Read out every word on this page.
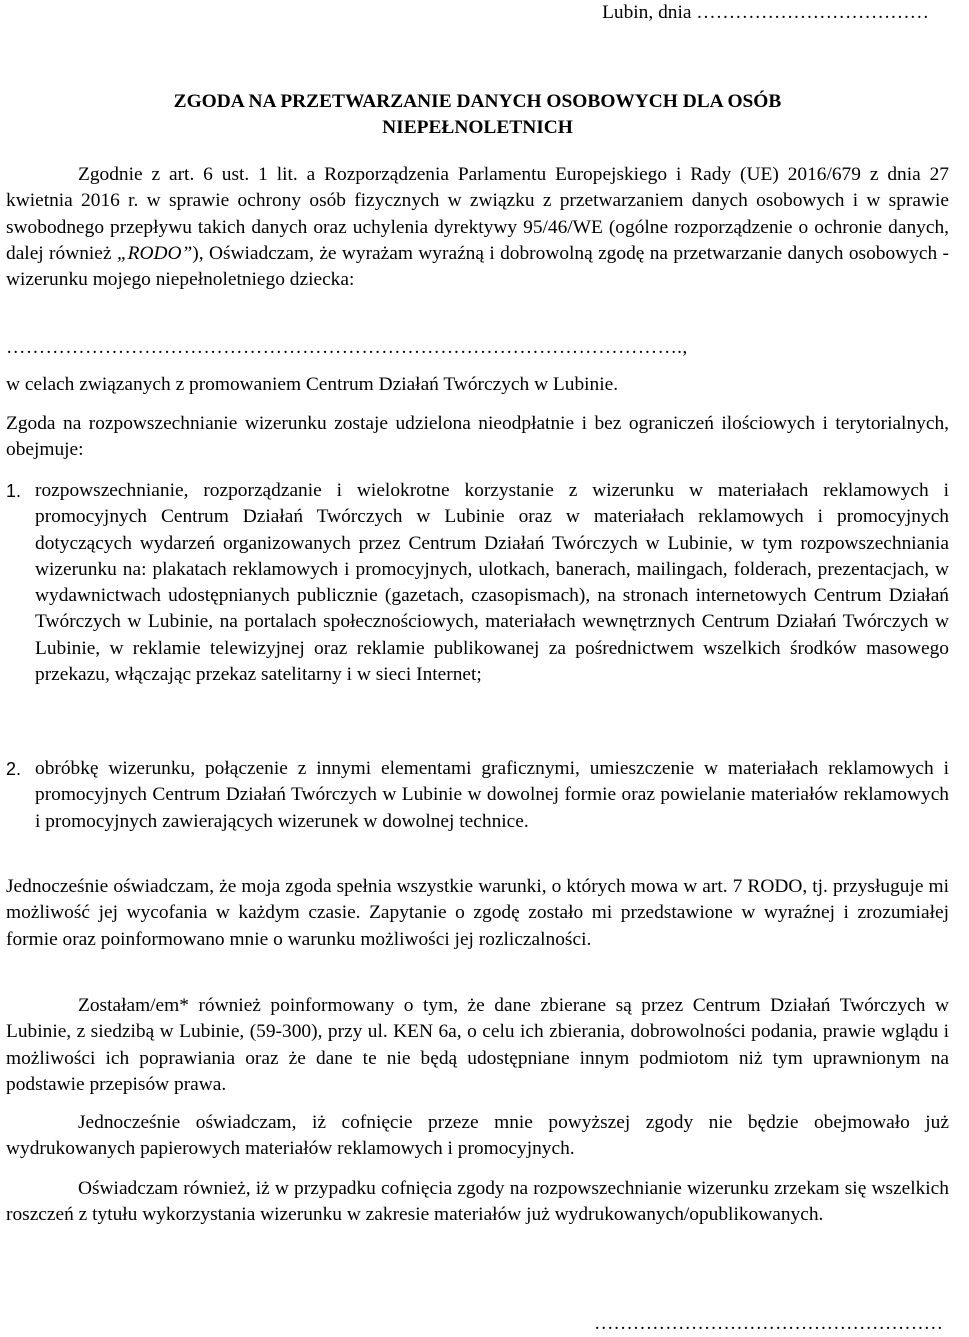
Lubin, dnia ………………………………
ZGODA NA PRZETWARZANIE DANYCH OSOBOWYCH DLA OSÓB
NIEPEŁNOLETNICH

Zgodnie z art. 6 ust. 1 lit. a Rozporządzenia Parlamentu Europejskiego i Rady (UE) 2016/679 z dnia 27 kwietnia 2016 r. w sprawie ochrony osób fizycznych w związku z przetwarzaniem danych osobowych i w sprawie swobodnego przepływu takich danych oraz uchylenia dyrektywy 95/46/WE (ogólne rozporządzenie o ochronie danych, dalej również „RODO”), Oświadczam, że wyrażam wyraźną i dobrowolną zgodę na przetwarzanie danych osobowych - wizerunku mojego niepełnoletniego dziecka:

………………………………………………………………………………………….,

w celach związanych z promowaniem Centrum Działań Twórczych w Lubinie.

Zgoda na rozpowszechnianie wizerunku zostaje udzielona nieodpłatnie i bez ograniczeń ilościowych i terytorialnych, obejmuje:

1. rozpowszechnianie, rozporządzanie i wielokrotne korzystanie z wizerunku w materiałach reklamowych i promocyjnych Centrum Działań Twórczych w Lubinie oraz w materiałach reklamowych i promocyjnych dotyczących wydarzeń organizowanych przez Centrum Działań Twórczych w Lubinie, w tym rozpowszechniania wizerunku na: plakatach reklamowych i promocyjnych, ulotkach, banerach, mailingach, folderach, prezentacjach, w wydawnictwach udostępnianych publicznie (gazetach, czasopismach), na stronach internetowych Centrum Działań Twórczych w Lubinie, na portalach społecznościowych, materiałach wewnętrznych Centrum Działań Twórczych w Lubinie, w reklamie telewizyjnej oraz reklamie publikowanej za pośrednictwem wszelkich środków masowego przekazu, włączając przekaz satelitarny i w sieci Internet;
2. obróbkę wizerunku, połączenie z innymi elementami graficznymi, umieszczenie w materiałach reklamowych i promocyjnych Centrum Działań Twórczych w Lubinie w dowolnej formie oraz powielanie materiałów reklamowych i promocyjnych zawierających wizerunek w dowolnej technice.

Jednocześnie oświadczam, że moja zgoda spełnia wszystkie warunki, o których mowa w art. 7 RODO, tj. przysługuje mi możliwość jej wycofania w każdym czasie. Zapytanie o zgodę zostało mi przedstawione w wyraźnej i zrozumiałej formie oraz poinformowano mnie o warunku możliwości jej rozliczalności.

Zostałam/em* również poinformowany o tym, że dane zbierane są przez Centrum Działań Twórczych w Lubinie, z siedzibą w Lubinie, (59-300), przy ul. KEN 6a, o celu ich zbierania, dobrowolności podania, prawie wglądu i możliwości ich poprawiania oraz że dane te nie będą udostępniane innym podmiotom niż tym uprawnionym na podstawie przepisów prawa.

Jednocześnie oświadczam, iż cofnięcie przeze mnie powyższej zgody nie będzie obejmowało już wydrukowanych papierowych materiałów reklamowych i promocyjnych.

Oświadczam również, iż w przypadku cofnięcia zgody na rozpowszechnianie wizerunku zrzekam się wszelkich roszczeń z tytułu wykorzystania wizerunku w zakresie materiałów już wydrukowanych/opublikowanych.

………………………………………………
